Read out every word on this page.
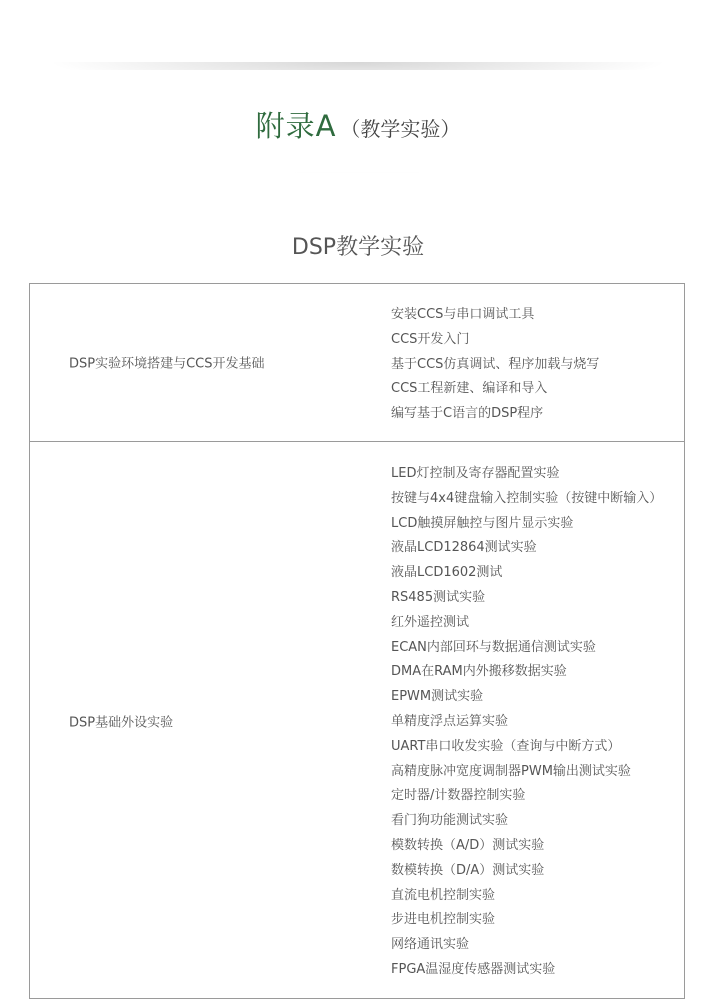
附录A （教学实验）
DSP教学实验
DSP实验环境搭建与CCS开发基础
安装CCS与串口调试工具
CCS开发入门
基于CCS仿真调试、程序加载与烧写
CCS工程新建、编译和导入
编写基于C语言的DSP程序
DSP基础外设实验
LED灯控制及寄存器配置实验
按键与4x4键盘输入控制实验（按键中断输入）
LCD触摸屏触控与图片显示实验
液晶LCD12864测试实验
液晶LCD1602测试
RS485测试实验
红外遥控测试
ECAN内部回环与数据通信测试实验
DMA在RAM内外搬移数据实验
EPWM测试实验
单精度浮点运算实验
UART串口收发实验（查询与中断方式）
高精度脉冲宽度调制器PWM输出测试实验
定时器/计数器控制实验
看门狗功能测试实验
模数转换（A/D）测试实验
数模转换（D/A）测试实验
直流电机控制实验
步进电机控制实验
网络通讯实验
FPGA温湿度传感器测试实验
